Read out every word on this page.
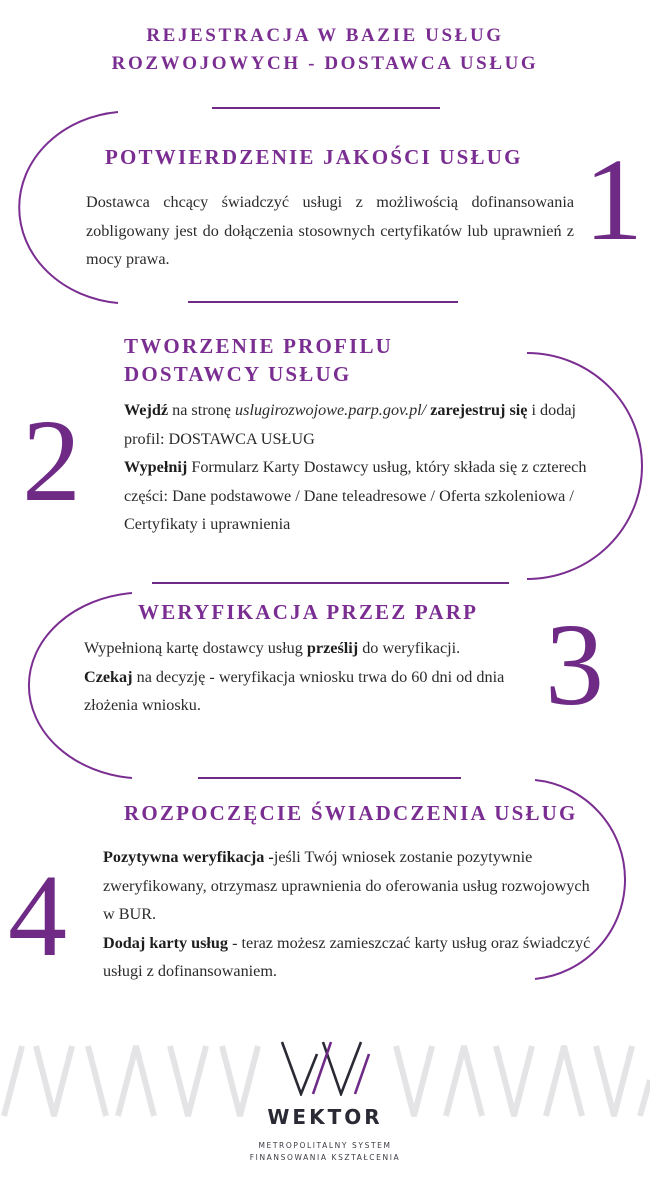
REJESTRACJA W BAZIE USŁUG
ROZWOJOWYCH - DOSTAWCA USŁUG
POTWIERDZENIE JAKOŚCI USŁUG
Dostawca chcący świadczyć usługi z możliwością dofinansowania zobligowany jest do dołączenia stosownych certyfikatów lub uprawnień z mocy prawa.	1
TWORZENIE PROFILU
DOSTAWCY USŁUG
Wejdź na stronę uslugirozwojowe.parp.gov.pl/ zarejestruj się i dodaj profil: DOSTAWCA USŁUG
Wypełnij Formularz Karty Dostawcy usług, który składa się z czterech części: Dane podstawowe / Dane teleadresowe / Oferta szkoleniowa / Certyfikaty i uprawnienia
2
WERYFIKACJA PRZEZ PARP
Wypełnioną kartę dostawcy usług prześlij do weryfikacji.
Czekaj na decyzję - weryfikacja wniosku trwa do 60 dni od dnia złożenia wniosku.	3
ROZPOCZĘCIE ŚWIADCZENIA USŁUG
Pozytywna weryfikacja -jeśli Twój wniosek zostanie pozytywnie zweryfikowany, otrzymasz uprawnienia do oferowania usług rozwojowych w BUR.
Dodaj karty usług - teraz możesz zamieszczać karty usług oraz świadczyć usługi z dofinansowaniem.
4
WEKTOR
METROPOLITALNY SYSTEM
FINANSOWANIA KSZTAŁCENIA
